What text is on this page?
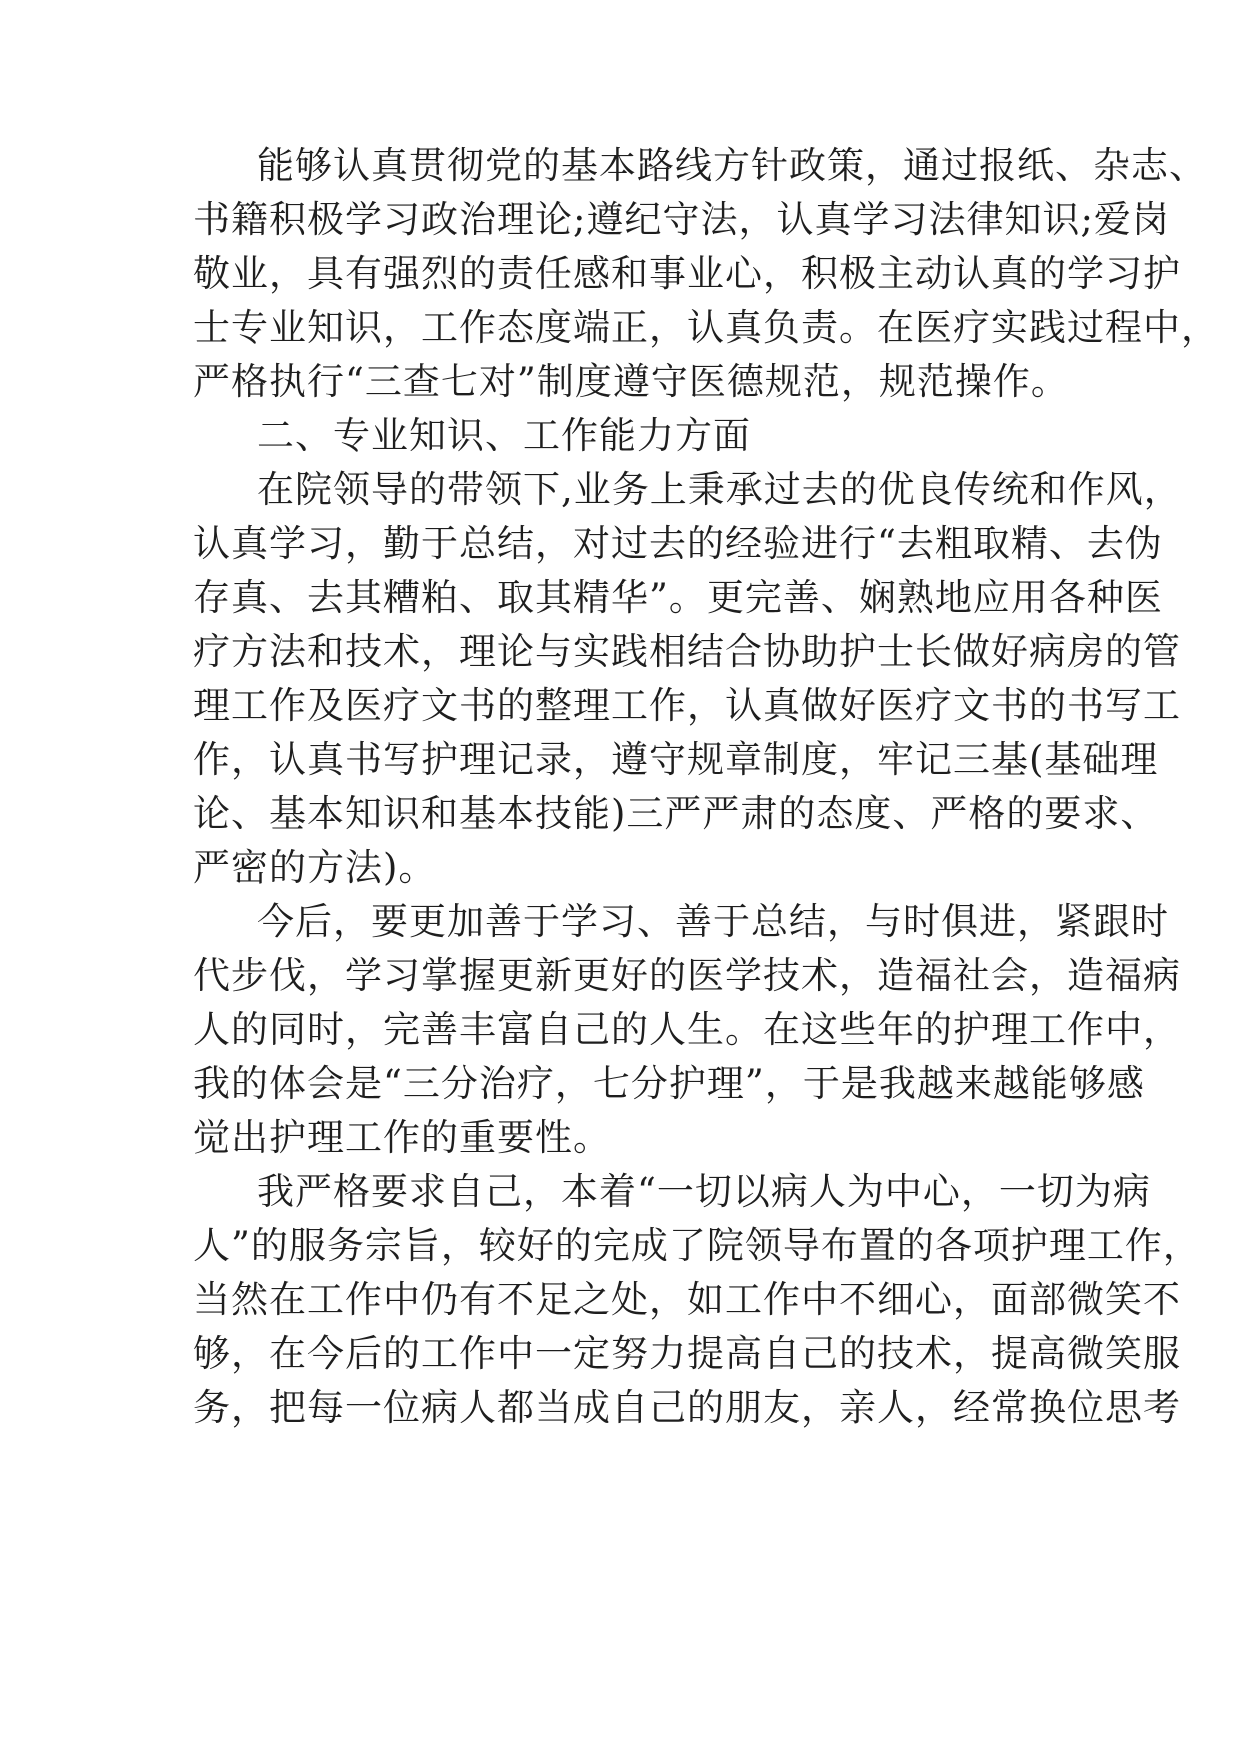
能够认真贯彻党的基本路线方针政策，通过报纸、杂志、
书籍积极学习政治理论;遵纪守法，认真学习法律知识;爱岗
敬业，具有强烈的责任感和事业心，积极主动认真的学习护
士专业知识，工作态度端正，认真负责。在医疗实践过程中，
严格执行“三查七对”制度遵守医德规范，规范操作。
二、专业知识、工作能力方面
在院领导的带领下,业务上秉承过去的优良传统和作风，
认真学习，勤于总结，对过去的经验进行“去粗取精、去伪
存真、去其糟粕、取其精华”。更完善、娴熟地应用各种医
疗方法和技术，理论与实践相结合协助护士长做好病房的管
理工作及医疗文书的整理工作，认真做好医疗文书的书写工
作，认真书写护理记录，遵守规章制度，牢记三基(基础理
论、基本知识和基本技能)三严严肃的态度、严格的要求、
严密的方法)。
今后，要更加善于学习、善于总结，与时俱进，紧跟时
代步伐，学习掌握更新更好的医学技术，造福社会，造福病
人的同时，完善丰富自己的人生。在这些年的护理工作中，
我的体会是“三分治疗，七分护理”，于是我越来越能够感
觉出护理工作的重要性。
我严格要求自己，本着“一切以病人为中心，一切为病
人”的服务宗旨，较好的完成了院领导布置的各项护理工作，
当然在工作中仍有不足之处，如工作中不细心，面部微笑不
够，在今后的工作中一定努力提高自己的技术，提高微笑服
务，把每一位病人都当成自己的朋友，亲人，经常换位思考
